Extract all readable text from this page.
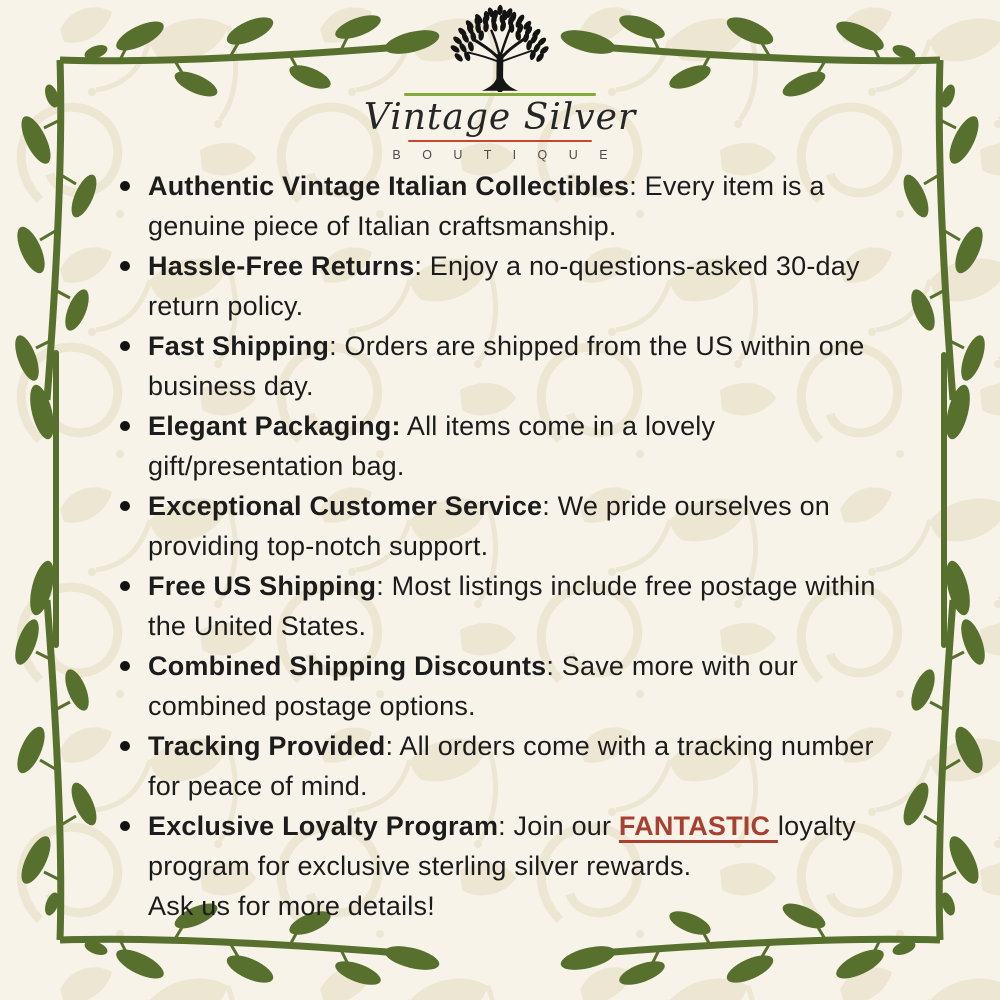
Vintage Silver
B O U T I Q U E
Authentic Vintage Italian Collectibles: Every item is a
genuine piece of Italian craftsmanship.
Hassle-Free Returns: Enjoy a no-questions-asked 30-day
return policy.
Fast Shipping: Orders are shipped from the US within one
business day.
Elegant Packaging: All items come in a lovely
gift/presentation bag.
Exceptional Customer Service: We pride ourselves on
providing top-notch support.
Free US Shipping: Most listings include free postage within
the United States.
Combined Shipping Discounts: Save more with our
combined postage options.
Tracking Provided: All orders come with a tracking number
for peace of mind.
Exclusive Loyalty Program: Join our FANTASTIC loyalty
program for exclusive sterling silver rewards.
Ask us for more details!
